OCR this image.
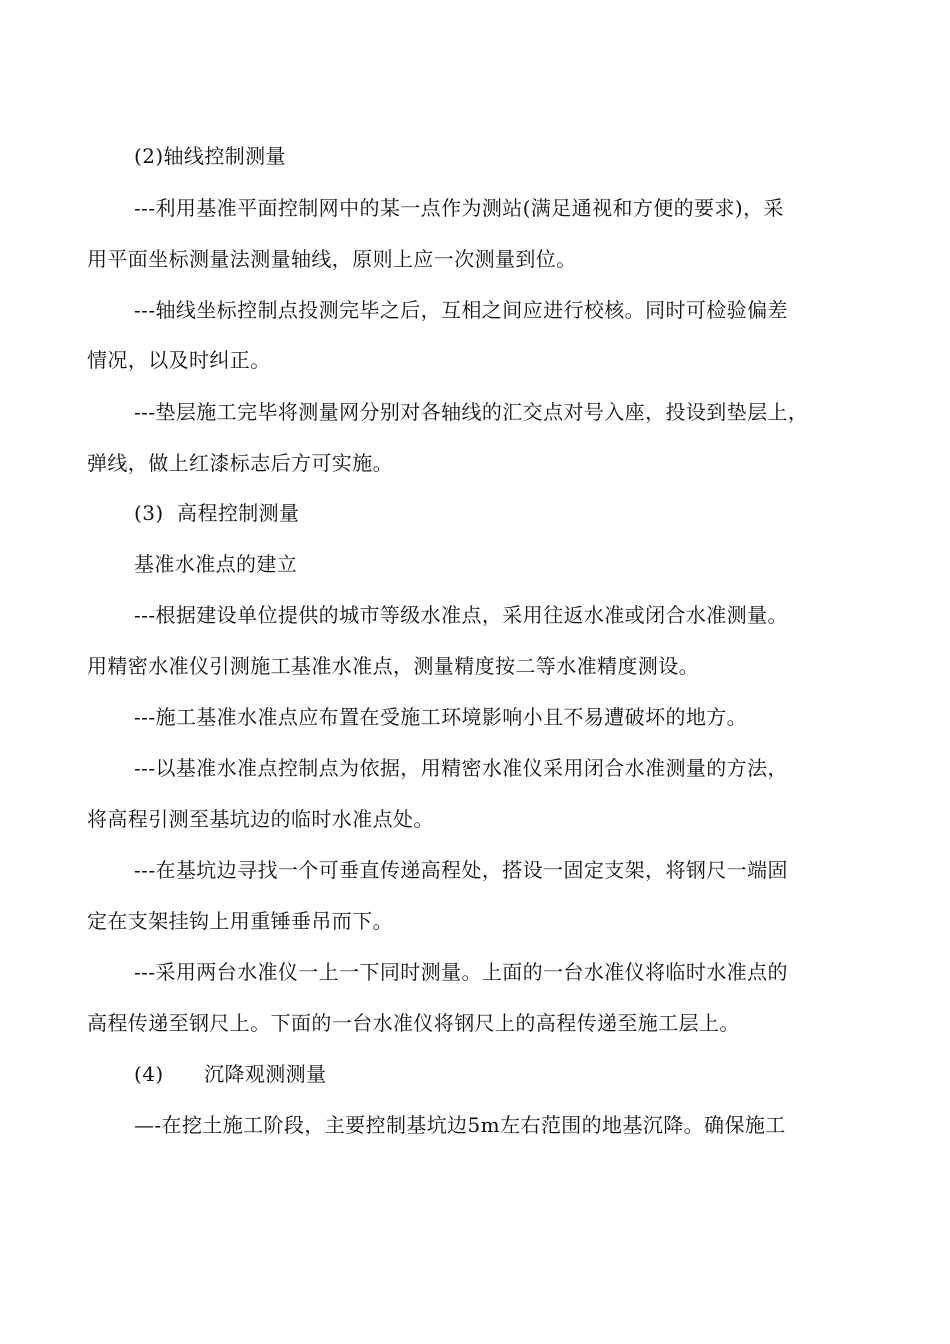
(2)轴线控制测量
---利用基准平面控制网中的某一点作为测站(满足通视和方便的要求)，采
用平面坐标测量法测量轴线，原则上应一次测量到位。
---轴线坐标控制点投测完毕之后，互相之间应进行校核。同时可检验偏差
情况，以及时纠正。
---垫层施工完毕将测量网分别对各轴线的汇交点对号入座，投设到垫层上，
弹线，做上红漆标志后方可实施。
(3)  高程控制测量
基准水准点的建立
---根据建设单位提供的城市等级水准点，采用往返水准或闭合水准测量。
用精密水准仪引测施工基准水准点，测量精度按二等水准精度测设。
---施工基准水准点应布置在受施工环境影响小且不易遭破坏的地方。
---以基准水准点控制点为依据，用精密水准仪采用闭合水准测量的方法，
将高程引测至基坑边的临时水准点处。
---在基坑边寻找一个可垂直传递高程处，搭设一固定支架，将钢尺一端固
定在支架挂钩上用重锤垂吊而下。
---采用两台水准仪一上一下同时测量。上面的一台水准仪将临时水准点的
高程传递至钢尺上。下面的一台水准仪将钢尺上的高程传递至施工层上。
(4)      沉降观测测量
—-在挖土施工阶段，主要控制基坑边5m左右范围的地基沉降。确保施工
